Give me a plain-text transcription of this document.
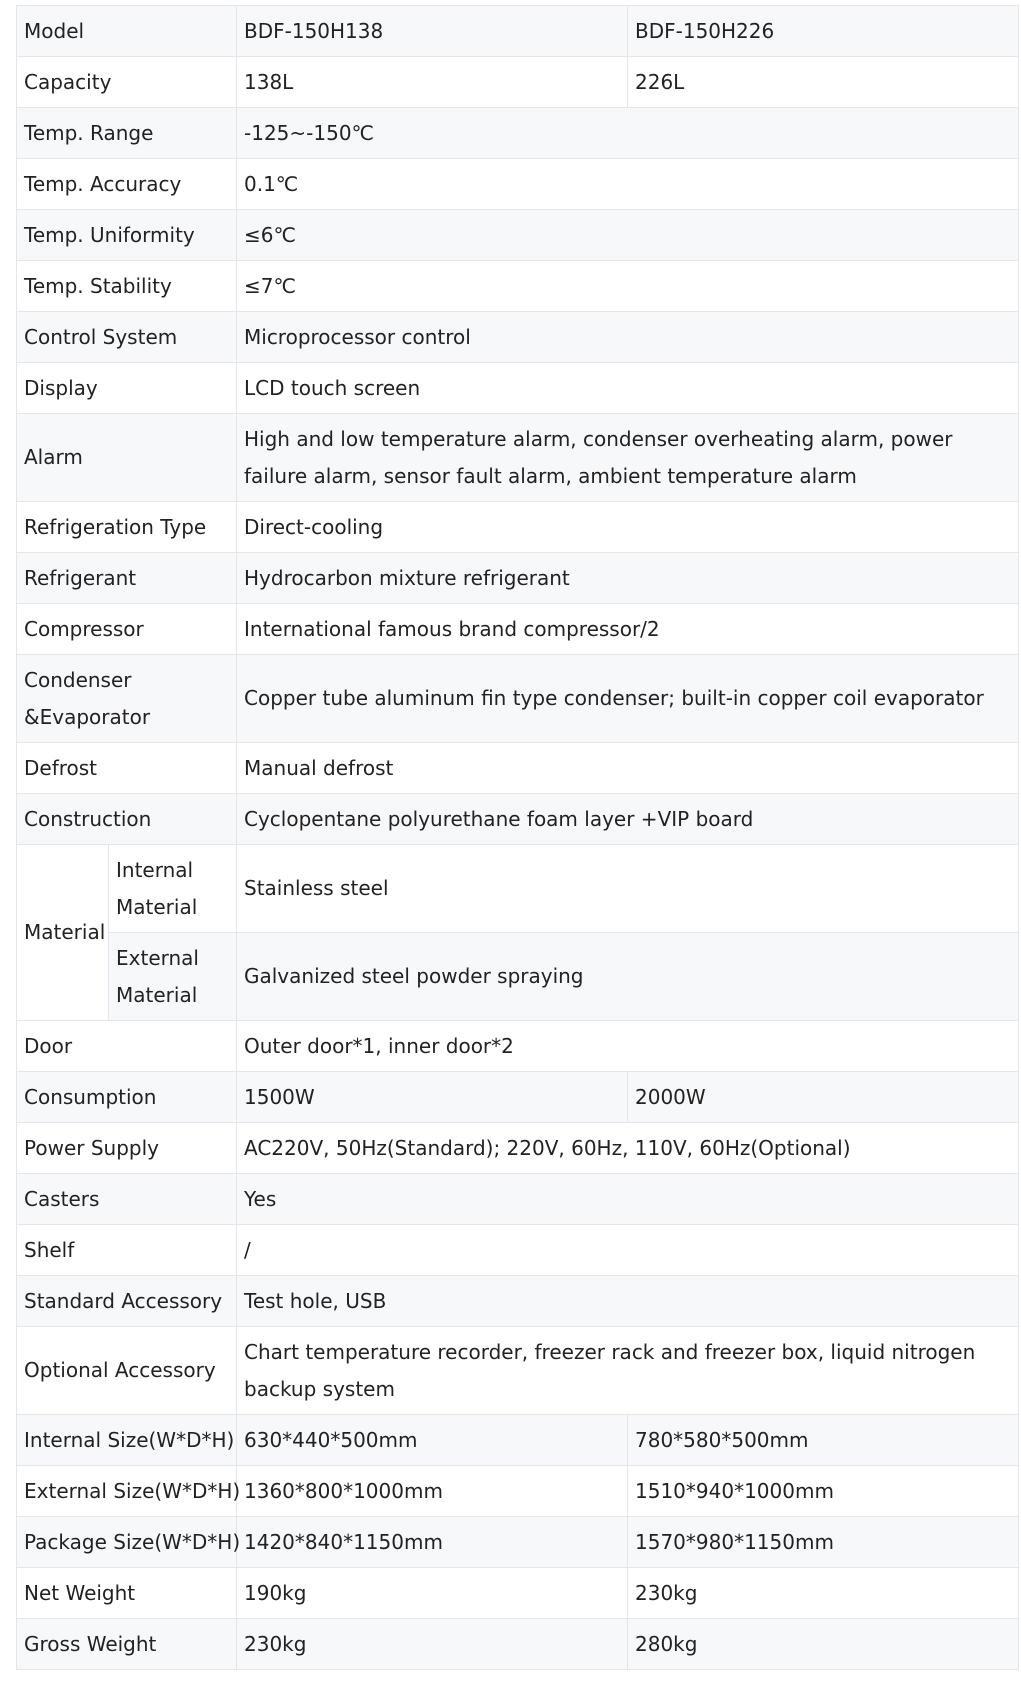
Model		BDF-150H138	BDF-150H226
Capacity		138L	226L
Temp. Range		-125~-150℃	
Temp. Accuracy		0.1℃	
Temp. Uniformity		≤6℃	
Temp. Stability		≤7℃	
Control System		Microprocessor control	
Display		LCD touch screen	
Alarm		High and low temperature alarm, condenser overheating alarm, power failure alarm, sensor fault alarm, ambient temperature alarm	
Refrigeration Type		Direct-cooling	
Refrigerant		Hydrocarbon mixture refrigerant	
Compressor		International famous brand compressor/2	
Condenser &Evaporator		Copper tube aluminum fin type condenser; built-in copper coil evaporator	
Defrost		Manual defrost	
Construction		Cyclopentane polyurethane foam layer +VIP board	
Material	Internal Material	Stainless steel	
	External Material	Galvanized steel powder spraying	
Door		Outer door*1, inner door*2	
Consumption		1500W	2000W
Power Supply		AC220V, 50Hz(Standard); 220V, 60Hz, 110V, 60Hz(Optional)	
Casters		Yes	
Shelf		/	
Standard Accessory		Test hole, USB	
Optional Accessory		Chart temperature recorder, freezer rack and freezer box, liquid nitrogen backup system	
Internal Size(W*D*H)		630*440*500mm	780*580*500mm
External Size(W*D*H)		1360*800*1000mm	1510*940*1000mm
Package Size(W*D*H)		1420*840*1150mm	1570*980*1150mm
Net Weight		190kg	230kg
Gross Weight		230kg	280kg
